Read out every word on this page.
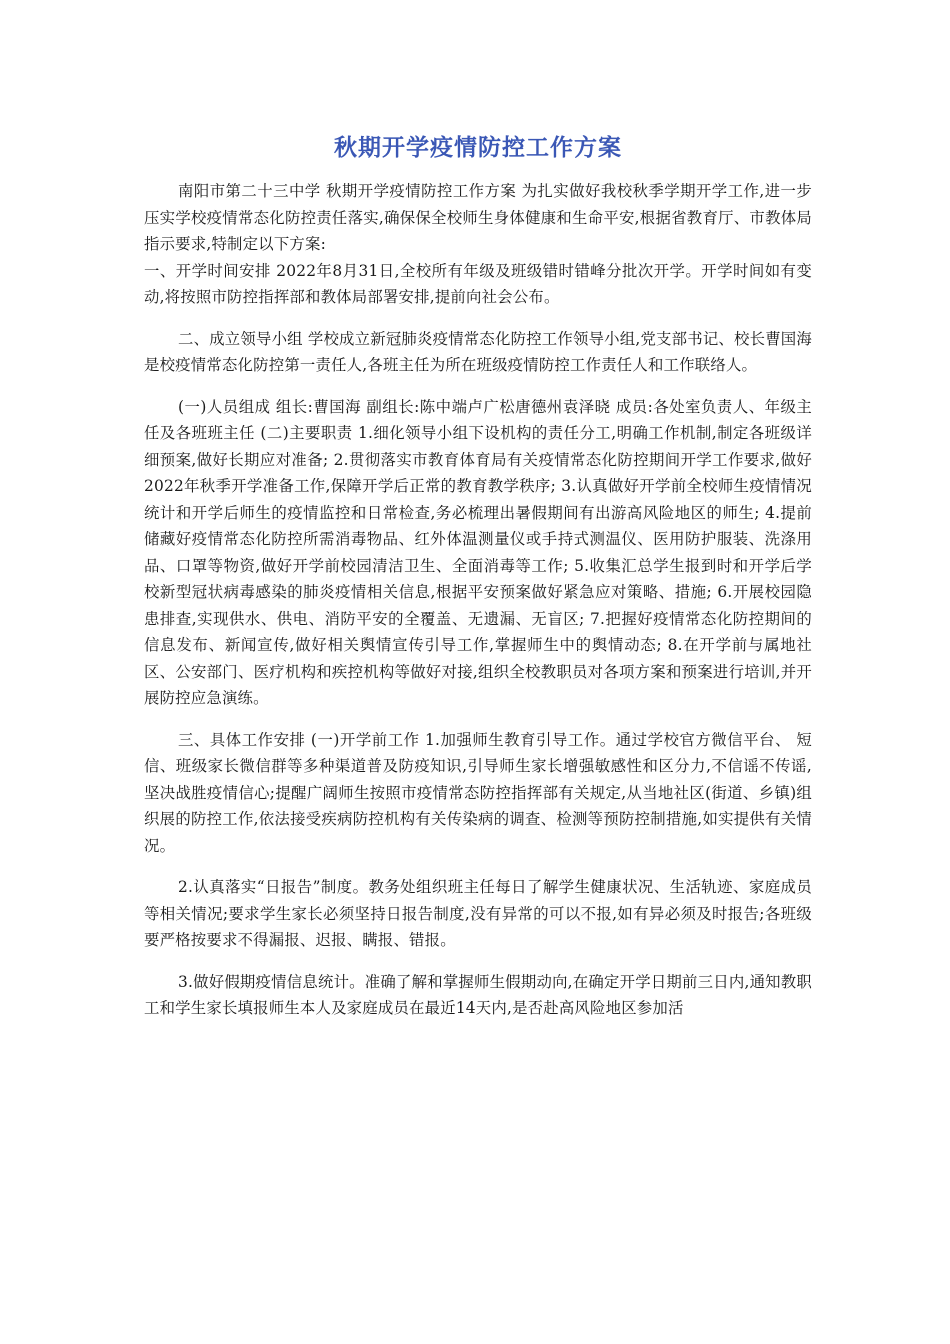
秋期开学疫情防控工作方案

南阳市第二十三中学 秋期开学疫情防控工作方案 为扎实做好我校秋季学期开学工作,进一步压实学校疫情常态化防控责任落实,确保保全校师生身体健康和生命平安,根据省教育厅、市教体局指示要求,特制定以下方案:

一、开学时间安排 2022年8月31日,全校所有年级及班级错时错峰分批次开学。开学时间如有变动,将按照市防控指挥部和教体局部署安排,提前向社会公布。

二、成立领导小组 学校成立新冠肺炎疫情常态化防控工作领导小组,党支部书记、校长曹国海是校疫情常态化防控第一责任人,各班主任为所在班级疫情防控工作责任人和工作联络人。

(一)人员组成 组长:曹国海 副组长:陈中端卢广松唐德州袁泽晓 成员:各处室负责人、年级主任及各班班主任 (二)主要职责 1.细化领导小组下设机构的责任分工,明确工作机制,制定各班级详细预案,做好长期应对准备; 2.贯彻落实市教育体育局有关疫情常态化防控期间开学工作要求,做好2022年秋季开学准备工作,保障开学后正常的教育教学秩序; 3.认真做好开学前全校师生疫情情况统计和开学后师生的疫情监控和日常检查,务必梳理出暑假期间有出游高风险地区的师生; 4.提前储藏好疫情常态化防控所需消毒物品、红外体温测量仪或手持式测温仪、医用防护服装、洗涤用品、口罩等物资,做好开学前校园清洁卫生、全面消毒等工作; 5.收集汇总学生报到时和开学后学校新型冠状病毒感染的肺炎疫情相关信息,根据平安预案做好紧急应对策略、措施; 6.开展校园隐患排查,实现供水、供电、消防平安的全覆盖、无遗漏、无盲区; 7.把握好疫情常态化防控期间的信息发布、新闻宣传,做好相关舆情宣传引导工作,掌握师生中的舆情动态; 8.在开学前与属地社区、公安部门、医疗机构和疾控机构等做好对接,组织全校教职员对各项方案和预案进行培训,并开展防控应急演练。

三、具体工作安排 (一)开学前工作 1.加强师生教育引导工作。通过学校官方微信平台、 短信、班级家长微信群等多种渠道普及防疫知识,引导师生家长增强敏感性和区分力,不信谣不传谣,坚决战胜疫情信心;提醒广阔师生按照市疫情常态防控指挥部有关规定,从当地社区(街道、乡镇)组织展的防控工作,依法接受疾病防控机构有关传染病的调查、检测等预防控制措施,如实提供有关情况。

2.认真落实“日报告”制度。教务处组织班主任每日了解学生健康状况、生活轨迹、家庭成员等相关情况;要求学生家长必须坚持日报告制度,没有异常的可以不报,如有异必须及时报告;各班级要严格按要求不得漏报、迟报、瞒报、错报。

3.做好假期疫情信息统计。准确了解和掌握师生假期动向,在确定开学日期前三日内,通知教职工和学生家长填报师生本人及家庭成员在最近14天内,是否赴高风险地区参加活
